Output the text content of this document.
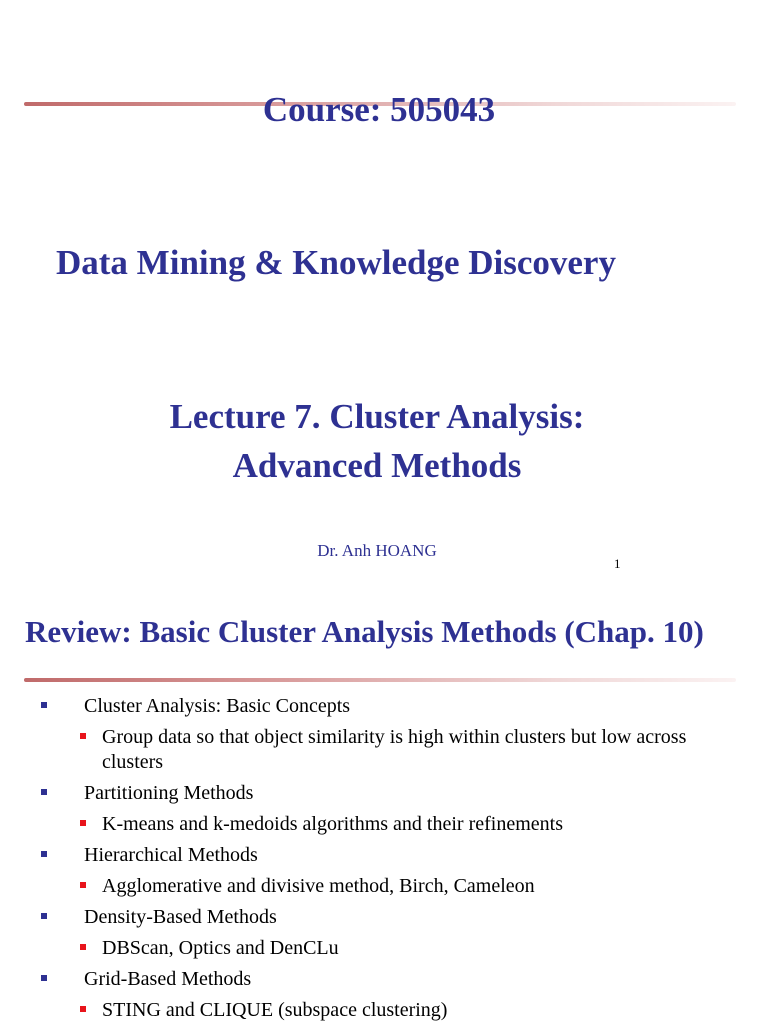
Course: 505043
Data Mining & Knowledge Discovery
Lecture 7. Cluster Analysis:
Advanced Methods
Dr. Anh HOANG
1
Review: Basic Cluster Analysis Methods (Chap. 10)
Cluster Analysis: Basic Concepts
Group data so that object similarity is high within clusters but low across clusters
Partitioning Methods
K-means and k-medoids algorithms and their refinements
Hierarchical Methods
Agglomerative and divisive method, Birch, Cameleon
Density-Based Methods
DBScan, Optics and DenCLu
Grid-Based Methods
STING and CLIQUE (subspace clustering)
